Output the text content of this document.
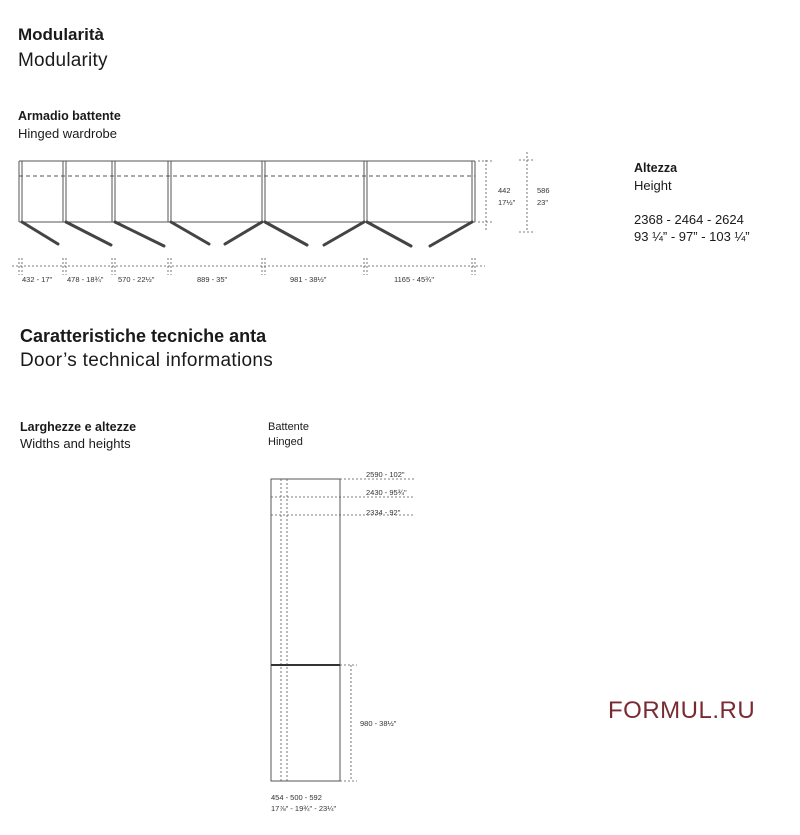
Modularità
Modularity
Armadio battente
Hinged wardrobe
Altezza
Height
2368 - 2464 - 2624
93 ¼” - 97” - 103 ¼”
442
17½"
586
23"
432 - 17" 478 - 18¾" 570 - 22½"	889 - 35"	981 - 38½"	1165 - 45¾"
Caratteristiche tecniche anta
Door’s technical informations
Larghezze e altezze
Widths and heights
Battente
Hinged
2590 - 102"
2430 - 95¾"
2334 - 92"
980 - 38½"
454 - 500 - 592
17⅞" - 19¾" - 23¼"
FORMUL.RU
